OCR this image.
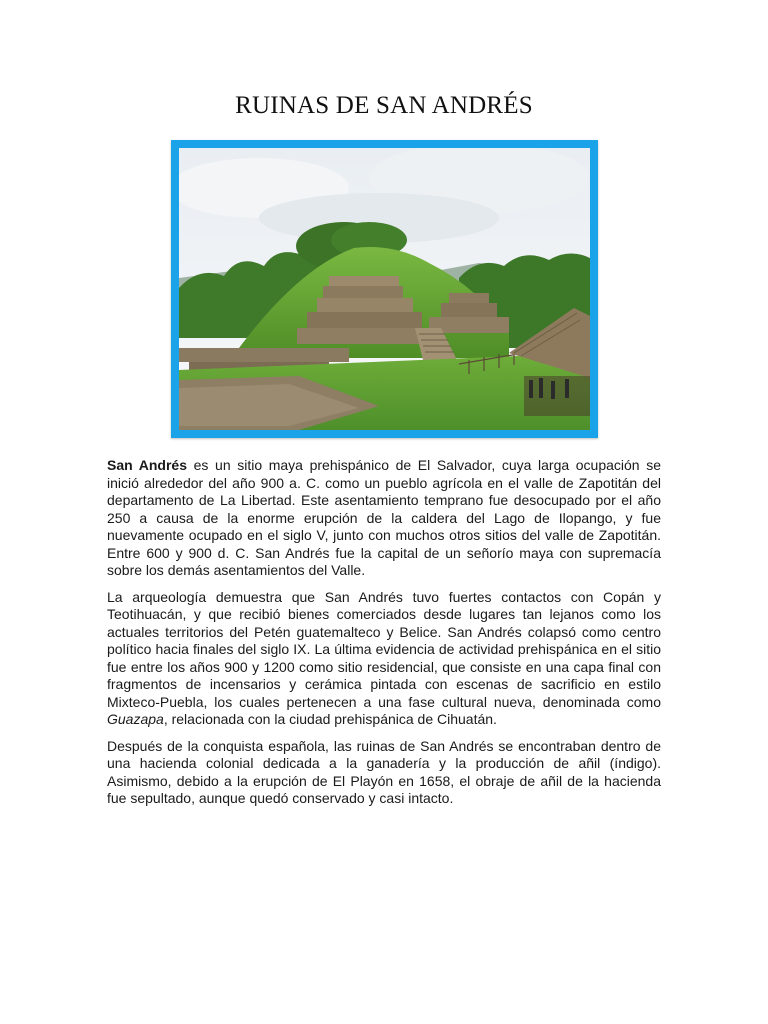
RUINAS DE SAN ANDRÉS

San Andrés es un sitio maya prehispánico de El Salvador, cuya larga ocupación se inició alrededor del año 900 a. C. como un pueblo agrícola en el valle de Zapotitán del departamento de La Libertad. Este asentamiento temprano fue desocupado por el año 250 a causa de la enorme erupción de la caldera del Lago de Ilopango, y fue nuevamente ocupado en el siglo V, junto con muchos otros sitios del valle de Zapotitán. Entre 600 y 900 d. C. San Andrés fue la capital de un señorío maya con supremacía sobre los demás asentamientos del Valle.

La arqueología demuestra que San Andrés tuvo fuertes contactos con Copán y Teotihuacán, y que recibió bienes comerciados desde lugares tan lejanos como los actuales territorios del Petén guatemalteco y Belice. San Andrés colapsó como centro político hacia finales del siglo IX. La última evidencia de actividad prehispánica en el sitio fue entre los años 900 y 1200 como sitio residencial, que consiste en una capa final con fragmentos de incensarios y cerámica pintada con escenas de sacrificio en estilo Mixteco-Puebla, los cuales pertenecen a una fase cultural nueva, denominada como Guazapa, relacionada con la ciudad prehispánica de Cihuatán.

Después de la conquista española, las ruinas de San Andrés se encontraban dentro de una hacienda colonial dedicada a la ganadería y la producción de añil (índigo). Asimismo, debido a la erupción de El Playón en 1658, el obraje de añil de la hacienda fue sepultado, aunque quedó conservado y casi intacto.
